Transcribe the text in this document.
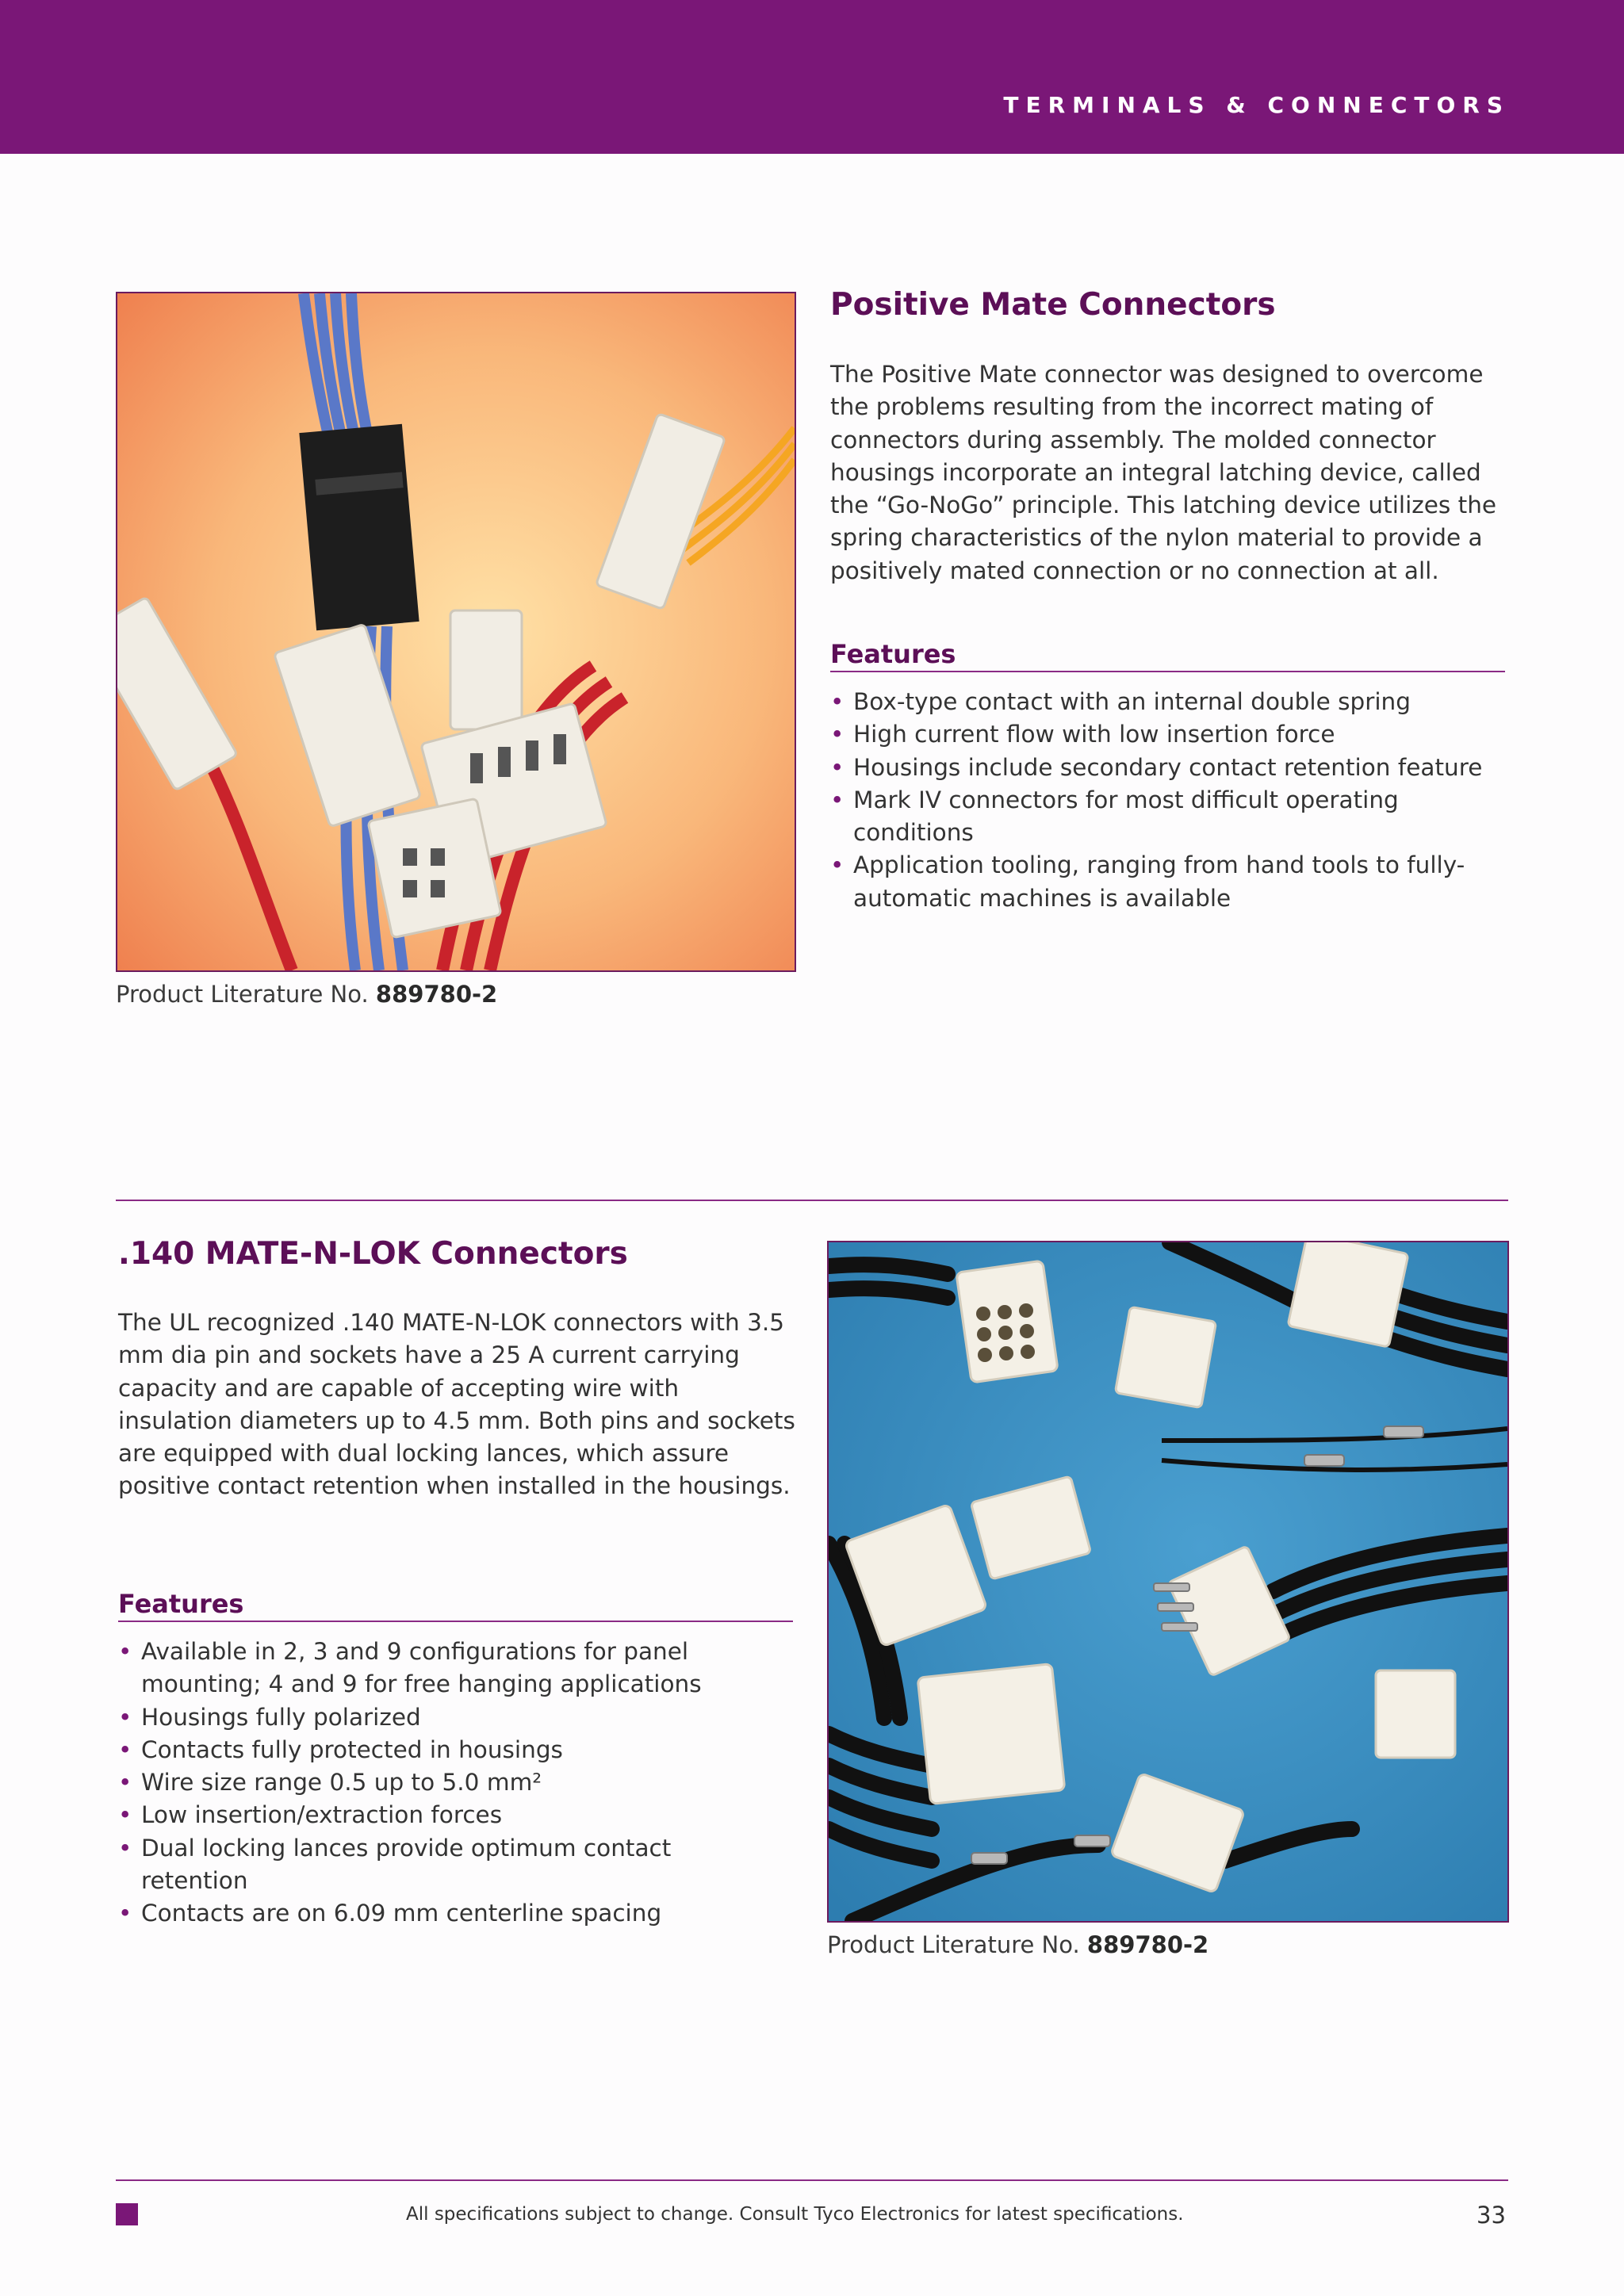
TERMINALS & CONNECTORS
Product Literature No. 889780-2
Positive Mate Connectors

The Positive Mate connector was designed to overcome the problems resulting from the incorrect mating of connectors during assembly. The molded connector housings incorporate an integral latching device, called the “Go-NoGo” principle. This latching device utilizes the spring characteristics of the nylon material to provide a positively mated connection or no connection at all.

Features
• Box-type contact with an internal double spring
• High current flow with low insertion force
• Housings include secondary contact retention feature
• Mark IV connectors for most difficult operating conditions
• Application tooling, ranging from hand tools to fully-automatic machines is available
.140 MATE-N-LOK Connectors

The UL recognized .140 MATE-N-LOK connectors with 3.5 mm dia pin and sockets have a 25 A current carrying capacity and are capable of accepting wire with insulation diameters up to 4.5 mm. Both pins and sockets are equipped with dual locking lances, which assure positive contact retention when installed in the housings.

Features
• Available in 2, 3 and 9 configurations for panel mounting; 4 and 9 for free hanging applications
• Housings fully polarized
• Contacts fully protected in housings
• Wire size range 0.5 up to 5.0 mm²
• Low insertion/extraction forces
• Dual locking lances provide optimum contact retention
• Contacts are on 6.09 mm centerline spacing
Product Literature No. 889780-2
All specifications subject to change. Consult Tyco Electronics for latest specifications.	33
